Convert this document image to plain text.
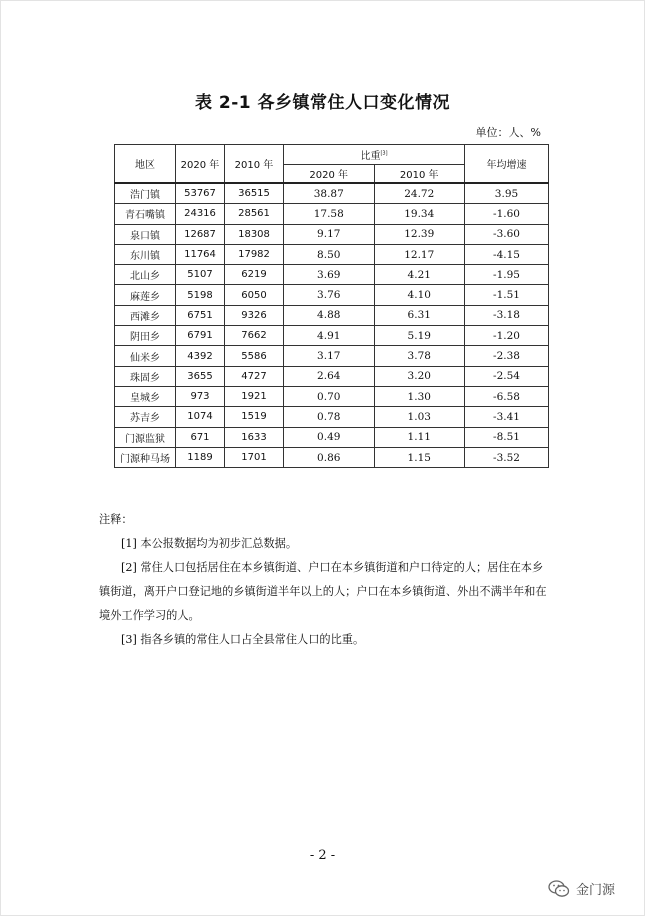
表 2-1 各乡镇常住人口变化情况
单位：人、%
地区	2020 年	2010 年	比重[3]		年均增速
			2020 年	2010 年	
浩门镇	53767	36515	38.87	24.72	3.95
青石嘴镇	24316	28561	17.58	19.34	-1.60
泉口镇	12687	18308	9.17	12.39	-3.60
东川镇	11764	17982	8.50	12.17	-4.15
北山乡	5107	6219	3.69	4.21	-1.95
麻莲乡	5198	6050	3.76	4.10	-1.51
西滩乡	6751	9326	4.88	6.31	-3.18
阴田乡	6791	7662	4.91	5.19	-1.20
仙米乡	4392	5586	3.17	3.78	-2.38
珠固乡	3655	4727	2.64	3.20	-2.54
皇城乡	973	1921	0.70	1.30	-6.58
苏吉乡	1074	1519	0.78	1.03	-3.41
门源监狱	671	1633	0.49	1.11	-8.51
门源种马场	1189	1701	0.86	1.15	-3.52

注释：

[1] 本公报数据均为初步汇总数据。

[2] 常住人口包括居住在本乡镇街道、户口在本乡镇街道和户口待定的人；居住在本乡镇街道，离开户口登记地的乡镇街道半年以上的人；户口在本乡镇街道、外出不满半年和在境外工作学习的人。

[3] 指各乡镇的常住人口占全县常住人口的比重。

- 2 -
金门源
